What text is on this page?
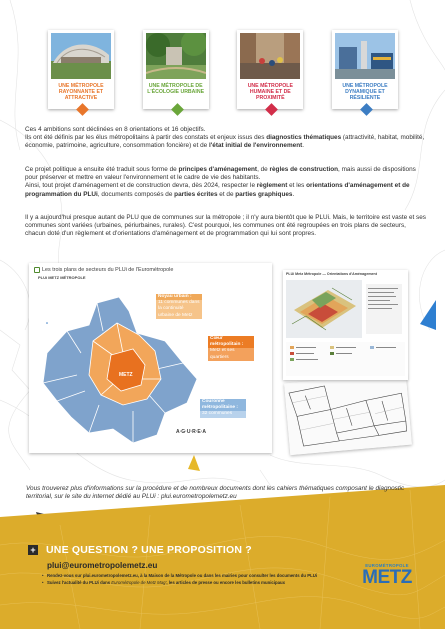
UNE MÉTROPOLE RAYONNANTE ET ATTRACTIVE
UNE MÉTROPOLE DE L'ÉCOLOGIE URBAINE
UNE MÉTROPOLE HUMAINE ET DE PROXIMITÉ
UNE MÉTROPOLE DYNAMIQUE ET RÉSILIENTE
Ces 4 ambitions sont déclinées en 8 orientations et 16 objectifs.
Ils ont été définis par les élus métropolitains à partir des constats et enjeux issus des diagnostics thématiques (attractivité, habitat, mobilité, économie, patrimoine, agriculture, consommation foncière) et de l'état initial de l'environnement.
Ce projet politique a ensuite été traduit sous forme de principes d'aménagement, de règles de construction, mais aussi de dispositions pour préserver et mettre en valeur l'environnement et le cadre de vie des habitants.
Ainsi, tout projet d'aménagement et de construction devra, dès 2024, respecter le règlement et les orientations d'aménagement et de programmation du PLUi, documents composés de parties écrites et de parties graphiques.
Il y a aujourd'hui presque autant de PLU que de communes sur la métropole ; il n'y aura bientôt que le PLUi. Mais, le territoire est vaste et ses communes sont variées (urbaines, périurbaines, rurales). C'est pourquoi, les communes ont été regroupées en trois plans de secteurs, chacun doté d'un règlement et d'orientations d'aménagement et de programmation qui lui sont propres.
Les trois plans de secteurs du PLUi de l'Eurométropole
PLUi METZ MÉTROPOLE
METZ
Noyau urbain :
11 communes dans la continuité urbaine de Metz
Cœur métropolitain :
Metz et ses quartiers
Couronne métropolitaine :
32 communes
A·G·U·R·E·A
PLUi Metz Métropole — Orientations d'Aménagement
Vous trouverez plus d'informations sur la procédure et de nombreux documents dont les cahiers thématiques composant le diagnostic territorial, sur le site du internet dédié au PLUi : plui.eurometropolemetz.eu
+ UNE QUESTION ? UNE PROPOSITION ?
plui@eurometropolemetz.eu
• Rendez-vous sur plui.eurometropolemetz.eu, à la Maison de la Métropole ou dans les mairies pour consulter les documents du PLUi
• Suivez l'actualité du PLUi dans Eurométropole de Metz Mag', les articles de presse ou encore les bulletins municipaux
EUROMÉTROPOLE
METZ
